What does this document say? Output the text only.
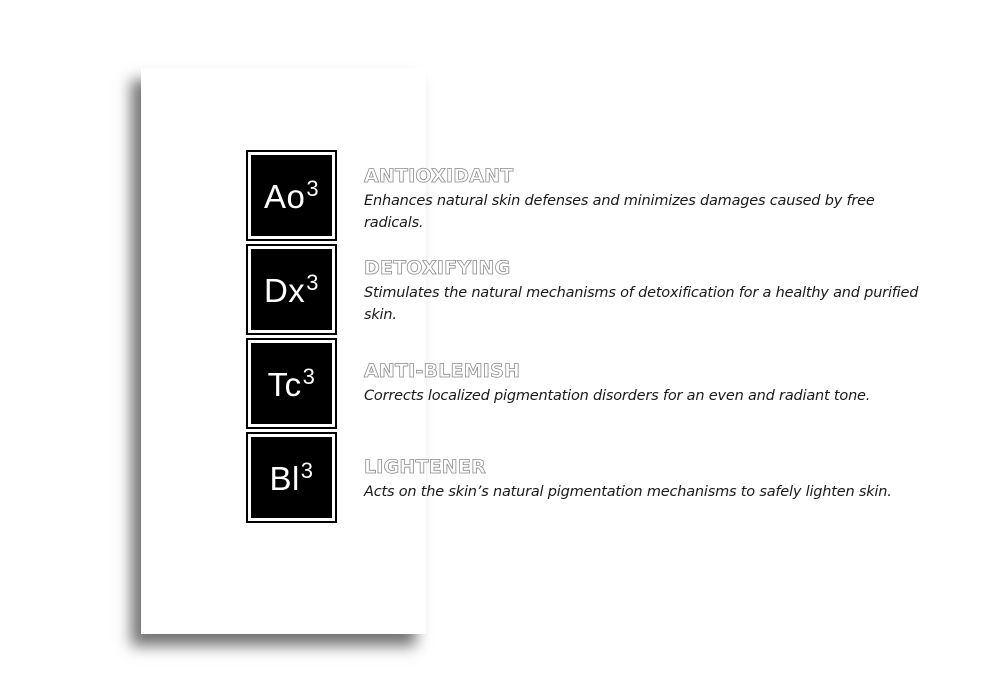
Ao$^3$
Dx$^3$
Tc$^3$
Bl$^3$
ANTIOXIDANT
Enhances natural skin defenses and minimizes damages caused by free radicals.
DETOXIFYING
Stimulates the natural mechanisms of detoxification for a healthy and purified skin.
ANTI-BLEMISH
Corrects localized pigmentation disorders for an even and radiant tone.
LIGHTENER
Acts on the skin’s natural pigmentation mechanisms to safely lighten skin.
